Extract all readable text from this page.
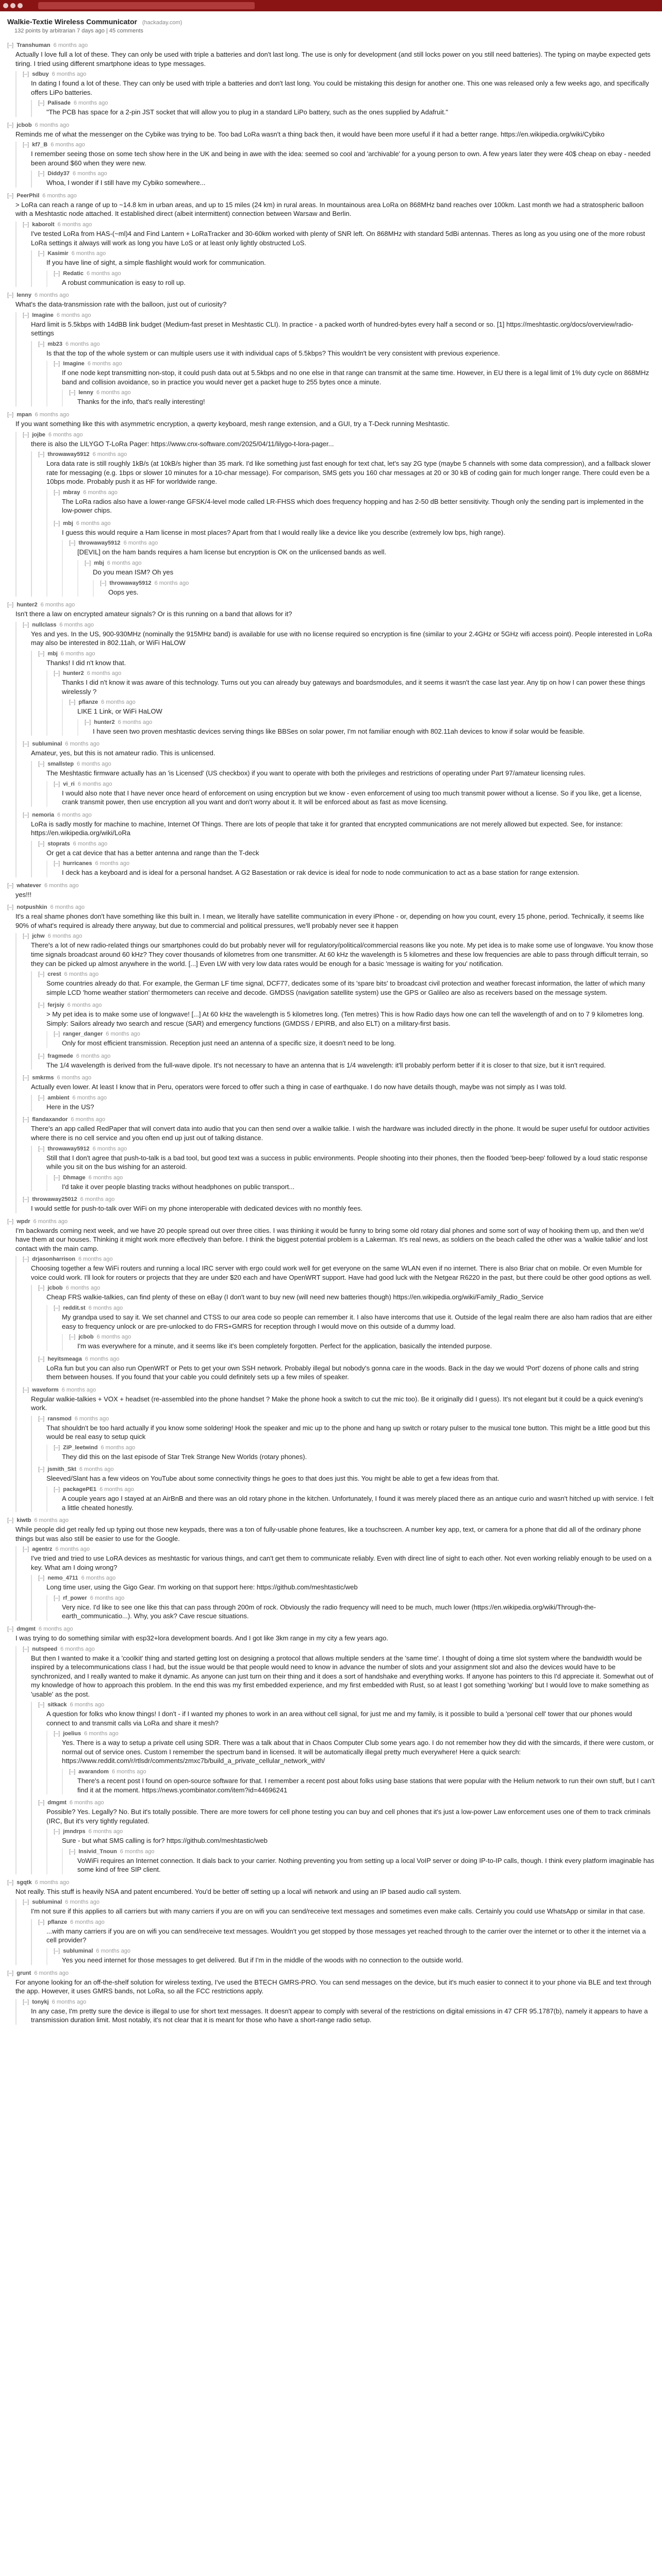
Walkie-Textie Wireless Communicator (hackaday.com)
132 points by arbitrarian 7 days ago | 45 comments
[–] Transhuman 6 months ago
Actually I love full a lot of these. They can only be used with triple a batteries and don't last long. The use is only for development (and still locks power on you still need batteries). The typing on maybe expected gets tiring. I tried using different smartphone ideas to type messages.
[–] sdbuy 6 months ago
In dating I found a lot of these. They can only be used with triple a batteries and don't last long. You could be mistaking this design for another one. This one was released only a few weeks ago, and specifically offers LiPo batteries.
[–] Palisade 6 months ago
"The PCB has space for a 2-pin JST socket that will allow you to plug in a standard LiPo battery, such as the ones supplied by Adafruit."
[–] jcbob 6 months ago
Reminds me of what the messenger on the Cybike was trying to be. Too bad LoRa wasn't a thing back then, it would have been more useful if it had a better range. https://en.wikipedia.org/wiki/Cybiko
[–] kf7_B 6 months ago
I remember seeing those on some tech show here in the UK and being in awe with the idea: seemed so cool and 'archivable' for a young person to own. A few years later they were 40$ cheap on ebay - needed been around $60 when they were new.
[–] Diddy37 6 months ago
Whoa, I wonder if I still have my Cybiko somewhere...
[–] PeerPhil 6 months ago
> LoRa can reach a range of up to ~14.8 km in urban areas, and up to 15 miles (24 km) in rural areas. In mountainous area LoRa on 868MHz band reaches over 100km. Last month we had a stratospheric balloon with a Meshtastic node attached. It established direct (albeit intermittent) connection between Warsaw and Berlin.
[–] kaborolt 6 months ago
I've tested LoRa from HAS-(~ml)4 and Find Lantern + LoRaTracker and 30-60km worked with plenty of SNR left. On 868MHz with standard 5dBi antennas. Theres as long as you using one of the more robust LoRa settings it always will work as long you have LoS or at least only lightly obstructed LoS.
[–] Kasimir 6 months ago
If you have line of sight, a simple flashlight would work for communication.
[–] Redatic 6 months ago
A robust communication is easy to roll up.
[–] lenny 6 months ago
What's the data-transmission rate with the balloon, just out of curiosity?
[–] Imagine 6 months ago
Hard limit is 5.5kbps with 14dBB link budget (Medium-fast preset in Meshtastic CLI). In practice - a packed worth of hundred-bytes every half a second or so. [1] https://meshtastic.org/docs/overview/radio-settings
[–] mb23 6 months ago
Is that the top of the whole system or can multiple users use it with individual caps of 5.5kbps? This wouldn't be very consistent with previous experience.
[–] Imagine 6 months ago
If one node kept transmitting non-stop, it could push data out at 5.5kbps and no one else in that range can transmit at the same time. However, in EU there is a legal limit of 1% duty cycle on 868MHz band and collision avoidance, so in practice you would never get a packet huge to 255 bytes once a minute.
[–] lenny 6 months ago
Thanks for the info, that's really interesting!
[–] mpan 6 months ago
If you want something like this with asymmetric encryption, a qwerty keyboard, mesh range extension, and a GUI, try a T-Deck running Meshtastic.
[–] jojbe 6 months ago
there is also the LILYGO T-LoRa Pager: https://www.cnx-software.com/2025/04/11/lilygo-t-lora-pager...
[–] throwaway5912 6 months ago
Lora data rate is still roughly 1kB/s (at 10kB/s higher than 35 mark. I'd like something just fast enough for text chat, let's say 2G type (maybe 5 channels with some data compression), and a fallback slower rate for messaging (e.g. 1bps or slower 10 minutes for a 10-char message). For comparison, SMS gets you 160 char messages at 20 or 30 kB of coding gain for much longer range. There could even be a 10bps mode. Probably push it as HF for worldwide range.
[–] mbray 6 months ago
The LoRa radios also have a lower-range GFSK/4-level mode called LR-FHSS which does frequency hopping and has 2-50 dB better sensitivity. Though only the sending part is implemented in the low-power chips.
[–] mbj 6 months ago
I guess this would require a Ham license in most places? Apart from that I would really like a device like you describe (extremely low bps, high range).
[–] throwaway5912 6 months ago
[DEVIL] on the ham bands requires a ham license but encryption is OK on the unlicensed bands as well.
[–] mbj 6 months ago
Do you mean ISM? Oh yes
[–] throwaway5912 6 months ago
Oops yes.
[–] hunter2 6 months ago
Isn't there a law on encrypted amateur signals? Or is this running on a band that allows for it?
[–] nullclass 6 months ago
Yes and yes. In the US, 900-930MHz (nominally the 915MHz band) is available for use with no license required so encryption is fine (similar to your 2.4GHz or 5GHz wifi access point). People interested in LoRa may also be interested in 802.11ah, or WiFi HaLOW
[–] mbj 6 months ago
Thanks! I did n't know that.
[–] hunter2 6 months ago
Thanks I did n't know it was aware of this technology. Turns out you can already buy gateways and boardsmodules, and it seems it wasn't the case last year. Any tip on how I can power these things wirelessly ?
[–] pflanze 6 months ago
LIKE 1 Link, or WiFi HaLOW
[–] hunter2 6 months ago
I have seen two proven meshtastic devices serving things like BBSes on solar power, I'm not familiar enough with 802.11ah devices to know if solar would be feasible.
[–] subluminal 6 months ago
Amateur, yes, but this is not amateur radio. This is unlicensed.
[–] smallstep 6 months ago
The Meshtastic firmware actually has an 'is Licensed' (US checkbox) if you want to operate with both the privileges and restrictions of operating under Part 97/amateur licensing rules.
[–] vi_ri 6 months ago
I would also note that I have never once heard of enforcement on using encryption but we know - even enforcement of using too much transmit power without a license. So if you like, get a license, crank transmit power, then use encryption all you want and don't worry about it. It will be enforced about as fast as move licensing.
[–] nemoria 6 months ago
LoRa is sadly mostly for machine to machine, Internet Of Things. There are lots of people that take it for granted that encrypted communications are not merely allowed but expected. See, for instance: https://en.wikipedia.org/wiki/LoRa
[–] stoprats 6 months ago
Or get a cat device that has a better antenna and range than the T-deck
[–] hurricanes 6 months ago
I deck has a keyboard and is ideal for a personal handset. A G2 Basestation or rak device is ideal for node to node communication to act as a base station for range extension.
[–] whatever 6 months ago
yes!!!
[–] notpushkin 6 months ago
It's a real shame phones don't have something like this built in. I mean, we literally have satellite communication in every iPhone - or, depending on how you count, every 15 phone, period. Technically, it seems like 90% of what's required is already there anyway, but due to commercial and political pressures, we'll probably never see it happen
[–] jchw 6 months ago
There's a lot of new radio-related things our smartphones could do but probably never will for regulatory/political/commercial reasons like you note. My pet idea is to make some use of longwave. You know those time signals broadcast around 60 kHz? They cover thousands of kilometres from one transmitter. At 60 kHz the wavelength is 5 kilometres and these low frequencies are able to pass through difficult terrain, so they can be picked up almost anywhere in the world. [...] Even LW with very low data rates would be enough for a basic 'message is waiting for you' notification.
[–] crest 6 months ago
Some countries already do that. For example, the German LF time signal, DCF77, dedicates some of its 'spare bits' to broadcast civil protection and weather forecast information, the latter of which many simple LCD 'home weather station' thermometers can receive and decode. GMDSS (navigation satellite system) use the GPS or Galileo are also as receivers based on the message system.
[–] ferjsiy 6 months ago
> My pet idea is to make some use of longwave! [...] At 60 kHz the wavelength is 5 kilometres long. (Ten metres) This is how Radio days how one can tell the wavelength of and on to 7 9 kilometres long. Simply: Sailors already two search and rescue (SAR) and emergency functions (GMDSS / EPIRB, and also ELT) on a military-first basis.
[–] ranger_danger 6 months ago
Only for most efficient transmission. Reception just need an antenna of a specific size, it doesn't need to be long.
[–] fragmede 6 months ago
The 1/4 wavelength is derived from the full-wave dipole. It's not necessary to have an antenna that is 1/4 wavelength: it'll probably perform better if it is closer to that size, but it isn't required.
[–] smkrms 6 months ago
Actually even lower. At least I know that in Peru, operators were forced to offer such a thing in case of earthquake. I do now have details though, maybe was not simply as I was told.
[–] ambient 6 months ago
Here in the US?
[–] flandaxandor 6 months ago
There's an app called RedPaper that will convert data into audio that you can then send over a walkie talkie. I wish the hardware was included directly in the phone. It would be super useful for outdoor activities where there is no cell service and you often end up just out of talking distance.
[–] throwaway5912 6 months ago
Still that I don't agree that push-to-talk is a bad tool, but good text was a success in public environments. People shooting into their phones, then the flooded 'beep-beep' followed by a loud static response while you sit on the bus wishing for an asteroid.
[–] Dhmage 6 months ago
I'd take it over people blasting tracks without headphones on public transport...
[–] throwaway25012 6 months ago
I would settle for push-to-talk over WiFi on my phone interoperable with dedicated devices with no monthly fees.
[–] wpdr 6 months ago
I'm backwards coming next week, and we have 20 people spread out over three cities. I was thinking it would be funny to bring some old rotary dial phones and some sort of way of hooking them up, and then we'd have them at our houses. Thinking it might work more effectively than before. I think the biggest potential problem is a Lakerman. It's real news, as soldiers on the beach called the other was a 'walkie talkie' and lost contact with the main camp.
[–] drjasonharrison 6 months ago
Choosing together a few WiFi routers and running a local IRC server with ergo could work well for get everyone on the same WLAN even if no internet. There is also Briar chat on mobile. Or even Mumble for voice could work. I'll look for routers or projects that they are under $20 each and have OpenWRT support. Have had good luck with the Netgear R6220 in the past, but there could be other good options as well.
[–] jcbob 6 months ago
Cheap FRS walkie-talkies, can find plenty of these on eBay (I don't want to buy new (will need new batteries though) https://en.wikipedia.org/wiki/Family_Radio_Service
[–] reddit.st 6 months ago
My grandpa used to say it. We set channel and CTSS to our area code so people can remember it. I also have intercoms that use it. Outside of the legal realm there are also ham radios that are either easy to frequency unlock or are pre-unlocked to do FRS+GMRS for reception through I would move on this outside of a dummy load.
[–] jcbob 6 months ago
I'm was everywhere for a minute, and it seems like it's been completely forgotten. Perfect for the application, basically the intended purpose.
[–] heyitsmeaga 6 months ago
LoRa fun but you can also run OpenWRT or Pets to get your own SSH network. Probably illegal but nobody's gonna care in the woods. Back in the day we would 'Port' dozens of phone calls and string them between houses. If you found that your cable you could definitely sets up a few miles of speaker.
[–] waveform 6 months ago
Regular walkie-talkies + VOX + headset (re-assembled into the phone handset ? Make the phone hook a switch to cut the mic too). Be it originally did I guess). It's not elegant but it could be a quick evening's work.
[–] ransmod 6 months ago
That shouldn't be too hard actually if you know some soldering! Hook the speaker and mic up to the phone and hang up switch or rotary pulser to the musical tone button. This might be a little good but this would be real easy to setup quick
[–] ZiP_leetwind 6 months ago
They did this on the last episode of Star Trek Strange New Worlds (rotary phones).
[–] jsmith_Skt 6 months ago
Sleeved/Slant has a few videos on YouTube about some connectivity things he goes to that does just this. You might be able to get a few ideas from that.
[–] packagePE1 6 months ago
A couple years ago I stayed at an AirBnB and there was an old rotary phone in the kitchen. Unfortunately, I found it was merely placed there as an antique curio and wasn't hitched up with service. I felt a little cheated honestly.
[–] kiwtb 6 months ago
While people did get really fed up typing out those new keypads, there was a ton of fully-usable phone features, like a touchscreen. A number key app, text, or camera for a phone that did all of the ordinary phone things but was also still be easier to use for the Google.
[–] agentrz 6 months ago
I've tried and tried to use LoRA devices as meshtastic for various things, and can't get them to communicate reliably. Even with direct line of sight to each other. Not even working reliably enough to be used on a key. What am I doing wrong?
[–] nemo_4711 6 months ago
Long time user, using the Gigo Gear. I'm working on that support here: https://github.com/meshtastic/web
[–] rf_power 6 months ago
Very nice. I'd like to see one like this that can pass through 200m of rock. Obviously the radio frequency will need to be much, much lower (https://en.wikipedia.org/wiki/Through-the-earth_communicatio...). Why, you ask? Cave rescue situations.
[–] dmgmt 6 months ago
I was trying to do something similar with esp32+lora development boards. And I got like 3km range in my city a few years ago.
[–] nutspeed 6 months ago
But then I wanted to make it a 'coolkit' thing and started getting lost on designing a protocol that allows multiple senders at the 'same time'. I thought of doing a time slot system where the bandwidth would be inspired by a telecommunications class I had, but the issue would be that people would need to know in advance the number of slots and your assignment slot and also the devices would have to be synchronized, and I really wanted to make it dynamic. As anyone can just turn on their thing and it does a sort of handshake and everything works. If anyone has pointers to this I'd appreciate it. Somewhat out of my knowledge of how to approach this problem. In the end this was my first embedded experience, and my first embedded with Rust, so at least I got something 'working' but I would love to make something as 'usable' as the post.
[–] sitkack 6 months ago
A question for folks who know things! I don't - if I wanted my phones to work in an area without cell signal, for just me and my family, is it possible to build a 'personal cell' tower that our phones would connect to and transmit calls via LoRa and share it mesh?
[–] joelius 6 months ago
Yes. There is a way to setup a private cell using SDR. There was a talk about that in Chaos Computer Club some years ago. I do not remember how they did with the simcards, if there were custom, or normal out of service ones. Custom I remember the spectrum band in licensed. It will be automatically illegal pretty much everywhere! Here a quick search: https://www.reddit.com/r/rtlsdr/comments/zmxc7b/build_a_private_cellular_network_with/
[–] avarandom 6 months ago
There's a recent post I found on open-source software for that. I remember a recent post about folks using base stations that were popular with the Helium network to run their own stuff, but I can't find it at the moment. https://news.ycombinator.com/item?id=44696241
[–] dmgmt 6 months ago
Possible? Yes. Legally? No. But it's totally possible. There are more towers for cell phone testing you can buy and cell phones that it's just a low-power Law enforcement uses one of them to track criminals (IRC, But it's very tightly regulated.
[–] jmndrps 6 months ago
Sure - but what SMS calling is for? https://github.com/meshtastic/web
[–] Insivid_Tnoun 6 months ago
VoWiFi requires an Internet connection. It dials back to your carrier. Nothing preventing you from setting up a local VoIP server or doing IP-to-IP calls, though. I think every platform imaginable has some kind of free SIP client.
[–] sgqtk 6 months ago
Not really. This stuff is heavily NSA and patent encumbered. You'd be better off setting up a local wifi network and using an IP based audio call system.
[–] subluminal 6 months ago
I'm not sure if this applies to all carriers but with many carriers if you are on wifi you can send/receive text messages and sometimes even make calls. Certainly you could use WhatsApp or similar in that case.
[–] pflanze 6 months ago
...with many carriers if you are on wifi you can send/receive text messages. Wouldn't you get stopped by those messages yet reached through to the carrier over the internet or to other it the internet via a cell provider?
[–] subluminal 6 months ago
Yes you need internet for those messages to get delivered. But if I'm in the middle of the woods with no connection to the outside world.
[–] grunt 6 months ago
For anyone looking for an off-the-shelf solution for wireless texting, I've used the BTECH GMRS-PRO. You can send messages on the device, but it's much easier to connect it to your phone via BLE and text through the app. However, it uses GMRS bands, not LoRa, so all the FCC restrictions apply.
[–] tonykj 6 months ago
In any case, I'm pretty sure the device is illegal to use for short text messages. It doesn't appear to comply with several of the restrictions on digital emissions in 47 CFR 95.1787(b), namely it appears to have a transmission duration limit. Most notably, it's not clear that it is meant for those who have a short-range radio setup.
